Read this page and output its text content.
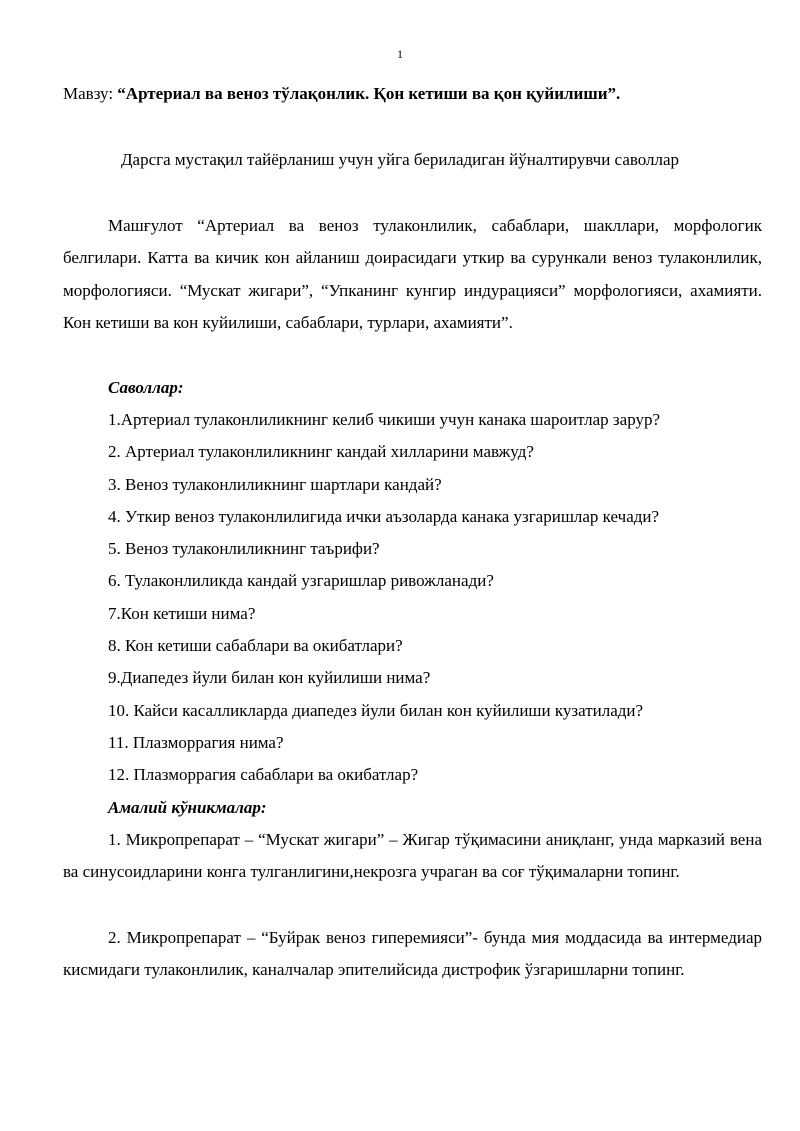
1
Мавзу: “Артериал ва веноз тўлақонлик. Қон кетиши ва қон қуйилиши”.
Дарсга мустақил тайёрланиш учун уйга бериладиган йўналтирувчи саволлар

Машғулот “Артериал ва веноз тулаконлилик, сабаблари, шакллари, морфологик белгилари. Катта ва кичик кон айланиш доирасидаги уткир ва сурункали веноз тулаконлилик, морфологияси. “Мускат жигари”, “Упканинг кунгир индурацияси” морфологияси, ахамияти. Кон кетиши ва кон куйилиши, сабаблари, турлари, ахамияти”.

Саволлар:
1.Артериал тулаконлиликнинг келиб чикиши учун канака шароитлар зарур?
2. Артериал тулаконлиликнинг кандай хилларини мавжуд?
3. Веноз тулаконлиликнинг шартлари кандай?
4. Уткир веноз тулаконлилигида ички аъзоларда канака узгаришлар кечади?
5. Веноз тулаконлиликнинг таърифи?
6. Тулаконлиликда кандай узгаришлар ривожланади?
7.Кон кетиши нима?
8. Кон кетиши сабаблари ва окибатлари?
9.Диапедез йули билан кон куйилиши нима?
10. Кайси касалликларда диапедез йули билан кон куйилиши кузатилади?
11. Плазморрагия нима?
12. Плазморрагия сабаблари ва окибатлар?
Амалий кўникмалар:

1. Микропрепарат – “Мускат жигари” – Жигар тўқимасини аниқланг, унда марказий вена ва синусоидларини конга тулганлигини,некрозга учраган ва соғ тўқималарни топинг.

2. Микропрепарат – “Буйрак веноз гиперемияси”- бунда мия моддасида ва интермедиар кисмидаги тулаконлилик, каналчалар эпителийсида дистрофик ўзгаришларни топинг.
